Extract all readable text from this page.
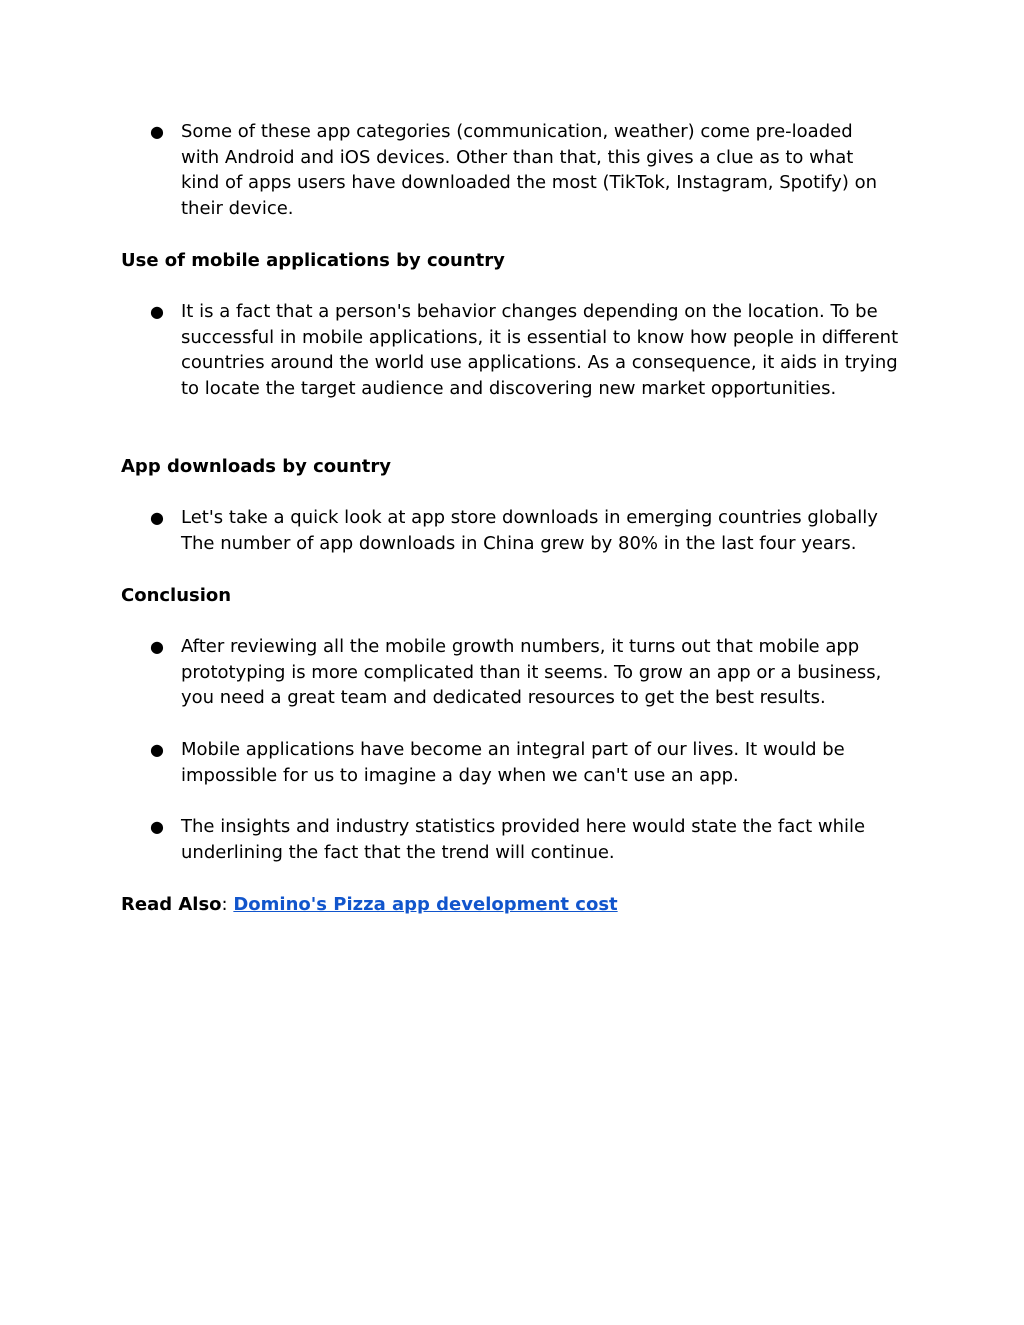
● Some of these app categories (communication, weather) come pre-loaded with Android and iOS devices. Other than that, this gives a clue as to what kind of apps users have downloaded the most (TikTok, Instagram, Spotify) on their device.
Use of mobile applications by country
● It is a fact that a person's behavior changes depending on the location. To be successful in mobile applications, it is essential to know how people in different countries around the world use applications. As a consequence, it aids in trying to locate the target audience and discovering new market opportunities.
App downloads by country
● Let's take a quick look at app store downloads in emerging countries globally The number of app downloads in China grew by 80% in the last four years.
Conclusion
● After reviewing all the mobile growth numbers, it turns out that mobile app prototyping is more complicated than it seems. To grow an app or a business, you need a great team and dedicated resources to get the best results.
● Mobile applications have become an integral part of our lives. It would be impossible for us to imagine a day when we can't use an app.
● The insights and industry statistics provided here would state the fact while underlining the fact that the trend will continue.
Read Also: Domino's Pizza app development cost
